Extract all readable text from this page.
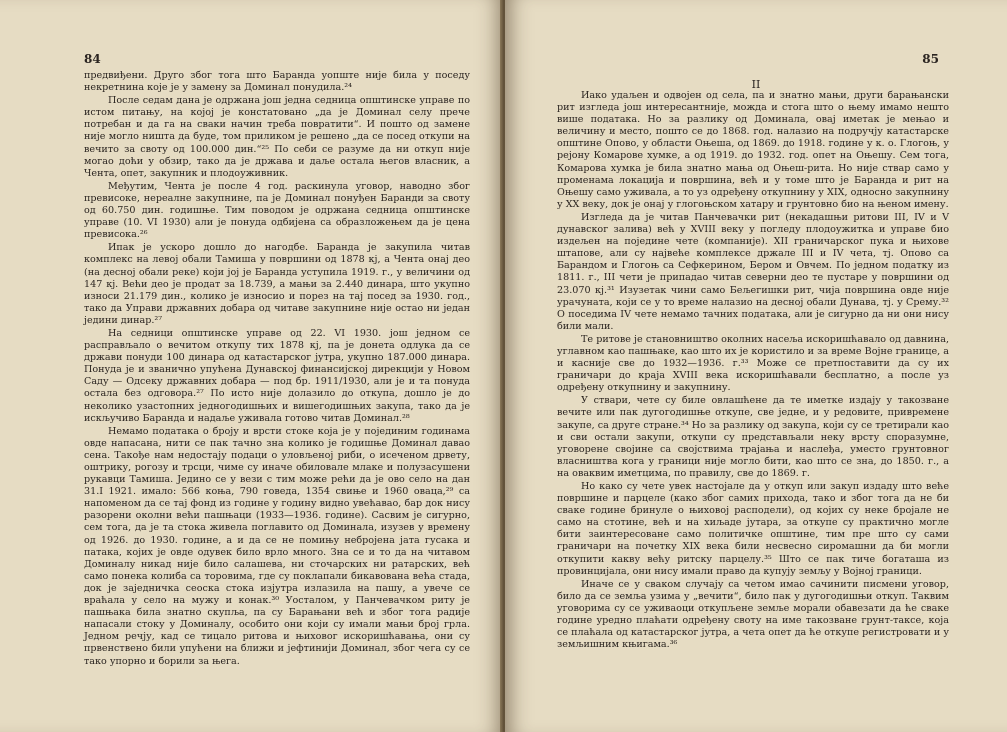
84

предвиђени. Друго због тога што Баранда уопште није била у поседу некретнина које је у замену за Доминал понудила.²⁴

После седам дана је одржана још једна седница општинске управе по истом питању, на којој је констатовано „да је Доминал селу прече потребан и да га на сваки начин треба повратити“. И пошто од замене није могло ништа да буде, том приликом је решено „да се посед откупи на вечито за своту од 100.000 дин.“²⁵ По себи се разуме да ни откуп није могао доћи у обзир, тако да је држава и даље остала његов власник, а Чента, опет, закупник и плодоуживник.

Међутим, Чента је после 4 год. раскинула уговор, наводно због превисоке, нереалне закупнине, па је Доминал понуђен Баранди за своту од 60.750 дин. годишње. Тим поводом је одржана седница општинске управе (10. VI 1930) али је понуда одбијена са образложењем да је цена превисока.²⁶

Ипак је ускоро дошло до нагодбе. Баранда је закупила читав комплекс на левој обали Тамиша у површини од 1878 кј, а Чента онај део (на десној обали реке) који јој је Баранда уступила 1919. г., у величини од 147 кј. Већи део је продат за 18.739, а мањи за 2.440 динара, што укупно износи 21.179 дин., колико је износио и порез на тај посед за 1930. год., тако да Управи државних добара од читаве закупнине није остао ни један једини динар.²⁷

На седници општинске управе од 22. VI 1930. још једном се расправљало о вечитом откупу тих 1878 кј, па је донета одлука да се држави понуди 100 динара од катастарског јутра, укупно 187.000 динара. Понуда је и званично упућена Дунавској финансијској дирекцији у Новом Саду — Одсеку државних добара — под бр. 1911/1930, али је и та понуда остала без одговора.²⁷ По исто није долазило до откупа, дошло је до неколико узастопних једногодишњих и вишегодишњих закупа, тако да је искључиво Баранда и надаље уживала готово читав Доминал.²⁸

Немамо података о броју и врсти стоке која је у појединим годинама овде напасана, нити се пак тачно зна колико је годишње Доминал давао сена. Такође нам недостају подаци о уловљеној риби, о исеченом дрвету, оштрику, рогозу и трсци, чиме су иначе обиловале млаке и полузасушени рукавци Тамиша. Једино се у вези с тим може рећи да је ово село на дан 31.I 1921. имало: 566 коња, 790 говеда, 1354 свиње и 1960 оваца,²⁹ са напоменом да се тај фонд из године у годину видно увећавао, бар док нису разорени околни већи пашњаци (1933—1936. године). Сасвим је сигурно, сем тога, да је та стока живела поглавито од Доминала, изузев у времену од 1926. до 1930. године, а и да се не помињу небројена јата гусака и патака, којих је овде одувек било врло много. Зна се и то да на читавом Доминалу никад није било салашева, ни сточарских ни ратарских, већ само понека колиба са торовима, где су поклапали бикавована већа стада, док је заједничка сеоска стока изјутра излазила на пашу, а увече се враћала у село на мужу и конак.³⁰ Уосталом, у Панчевачком риту је пашњака била знатно скупља, па су Барањани већ и због тога радије напасали стоку у Доминалу, особито они који су имали мањи број грла. Једном речју, кад се тицало ритова и њиховог искоришћавања, они су првенствено били упућени на ближи и јефтинији Доминал, због чега су се тако упорно и борили за њега.

85
II

Иако удаљен и одвојен од села, па и знатно мањи, други барањански рит изгледа још интересантније, можда и стога што о њему имамо нешто више података. Но за разлику од Доминала, овај иметак је мењао и величину и место, пошто се до 1868. год. налазио на подручју катастарске општине Опово, у области Оњеша, од 1869. до 1918. године у к. о. Глогоњ, у рејону Комарове хумке, а од 1919. до 1932. год. опет на Оњешу. Сем тога, Комарова хумка је била знатно мања од Оњеш-рита. Но није ствар само у променама локација и површина, већ и у томе што је Баранда и рит на Оњешу само уживала, а то уз одређену откупнину у XIX, односно закупнину у XX веку, док је онај у глогоњском хатару и грунтовно био на њеном имену.

Изгледа да је читав Панчевачки рит (некадашњи ритови III, IV и V дунавског залива) већ у XVIII веку у погледу плодоужитка и управе био издељен на поједине чете (компаније). XII граничарског пука и њихове штапове, али су највеће комплексе држале III и IV чета, тј. Опово са Барандом и Глогоњ са Сефкерином, Бером и Овчем. По једном податку из 1811. г., III чети је припадао читав северни део те пустаре у површини од 23.070 кј.³¹ Изузетак чини само Бељегишки рит, чија површина овде није урачуната, који се у то време налазио на десној обали Дунава, тј. у Срему.³² О поседима IV чете немамо тачних података, али је сигурно да ни они нису били мали.

Те ритове је становништво околних насеља искоришћавало од давнина, углавном као пашњаке, као што их је користило и за време Војне границе, а и касније све до 1932—1936. г.³³ Може се претпоставити да су их граничари до краја XVIII века искоришћавали бесплатно, а после уз одређену откупнину и закупнину.

У ствари, чете су биле овлашћене да те иметке издају у такозване вечите или пак дугогодишње откупе, све једне, и у редовите, привремене закупе, са друге стране.³⁴ Но за разлику од закупа, који су се третирали као и сви остали закупи, откупи су представљали неку врсту споразумне, уговорене својине са својствима трајања и наслеђа, уместо грунтовног власништва кога у граници није могло бити, као што се зна, до 1850. г., а на оваквим иметцима, по правилу, све до 1869. г.

Но како су чете увек настојале да у откуп или закуп издаду што веће површине и парцеле (како због самих прихода, тако и због тога да не би свакe године бринуле о њиховој расподели), од којих су неке бројале не само на стотине, већ и на хиљаде јутара, за откупе су практично могле бити заинтересоване само политичке општине, тим пре што су сами граничари на почетку XIX века били несвесно сиромашни да би могли откупити какву већу ритску парцелу.³⁵ Што се пак тиче богаташа из провинцијала, они нису имали право да купују земљу у Војној граници.

Иначе се у сваком случају са четом имао сачинити писмени уговор, било да се земља узима у „вечити“, било пак у дугогодишњи откуп. Таквим уговорима су се уживаоци откупљене земље морали обавезати да ће сваке године уредно плаћати одређену своту на име такозване грунт-таксе, која се плаћала од катастарског јутра, а чета опет да ће откупе регистровати и у земљишним књигама.³⁶
